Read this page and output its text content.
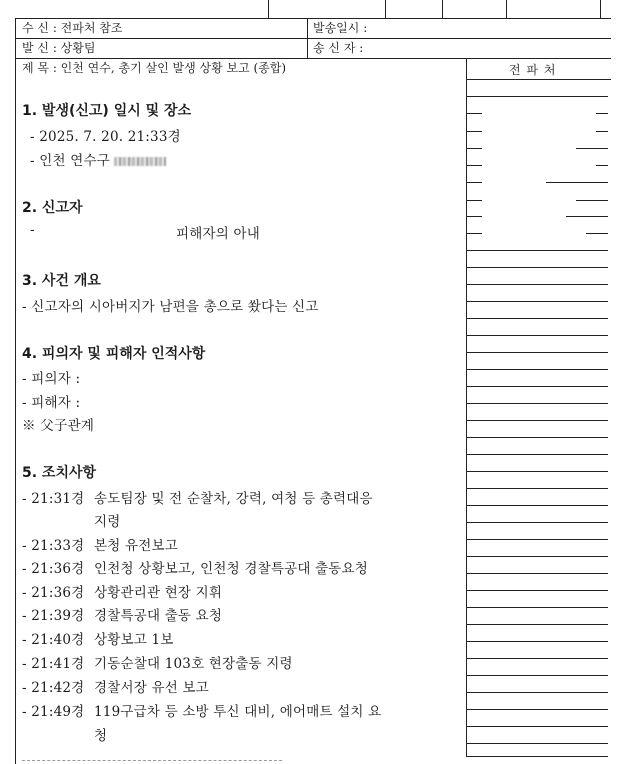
수 신 : 전파처 참조	발송일시 :
발 신 : 상황팀	송 신 자 :
제 목 : 인천 연수, 총기 살인 발생 상황 보고 (종합)	전 파 처
1. 발생(신고) 일시 및 장소
- 2025. 7. 20. 21:33경
- 인천 연수구
2. 신고자
-	피해자의 아내
3. 사건 개요
- 신고자의 시아버지가 남편을 총으로 쐈다는 신고
4. 피의자 및 피해자 인적사항
- 피의자 :
- 피해자 :
※ 父子관계
5. 조치사항
- 21:31경 송도팀장 및 전 순찰차, 강력, 여청 등 총력대응
지령
- 21:33경 본청 유전보고
- 21:36경 인천청 상황보고, 인천청 경찰특공대 출동요청
- 21:36경 상황관리관 현장 지휘
- 21:39경 경찰특공대 출동 요청
- 21:40경 상황보고 1보
- 21:41경 기동순찰대 103호 현장출동 지령
- 21:42경 경찰서장 유선 보고
- 21:49경 119구급차 등 소방 투신 대비, 에어매트 설치 요
청
